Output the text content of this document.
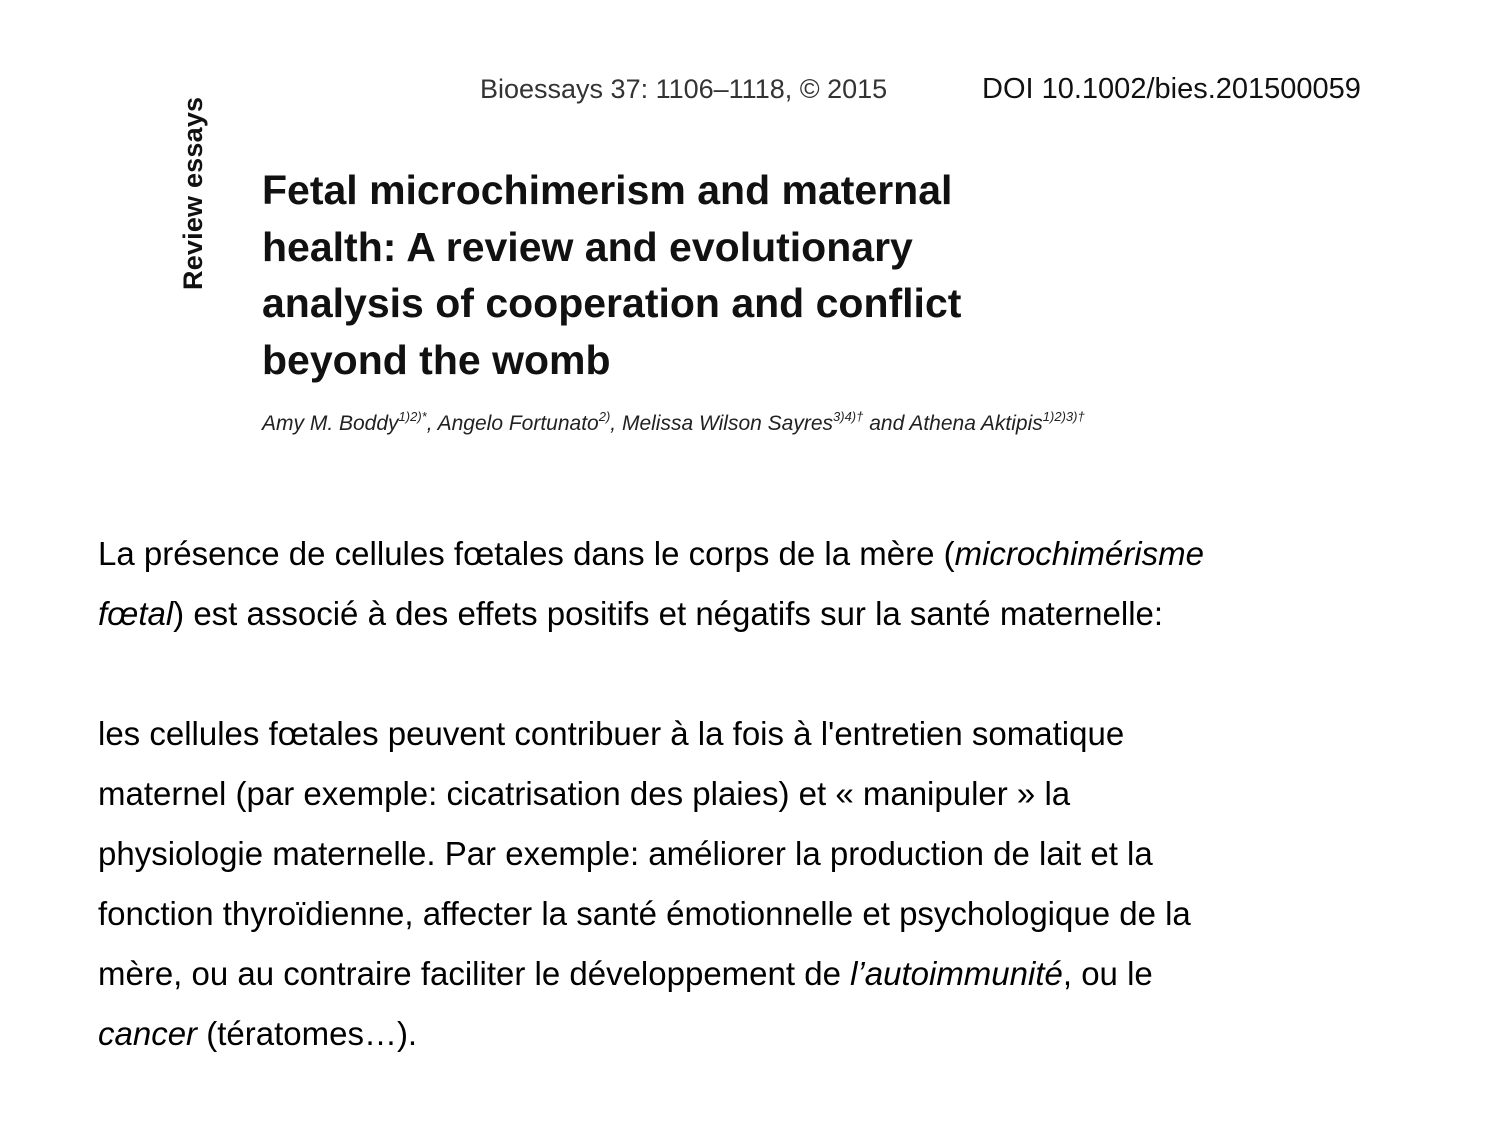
Review essays
Bioessays 37: 1106–1118, © 2015	DOI 10.1002/bies.201500059
Fetal microchimerism and maternal
health: A review and evolutionary
analysis of cooperation and conflict
beyond the womb
Amy M. Boddy$^{1)2)*}$, Angelo Fortunato$^{2)}$, Melissa Wilson Sayres$^{3)4)\dagger}$ and Athena Aktipis$^{1)2)3)\dagger}$

La présence de cellules fœtales dans le corps de la mère (microchimérisme
fœtal) est associé à des effets positifs et négatifs sur la santé maternelle:

les cellules fœtales peuvent contribuer à la fois à l'entretien somatique
maternel (par exemple: cicatrisation des plaies) et « manipuler » la
physiologie maternelle. Par exemple: améliorer la production de lait et la
fonction thyroïdienne, affecter la santé émotionnelle et psychologique de la
mère, ou au contraire faciliter le développement de l’autoimmunité, ou le
cancer (tératomes…).
